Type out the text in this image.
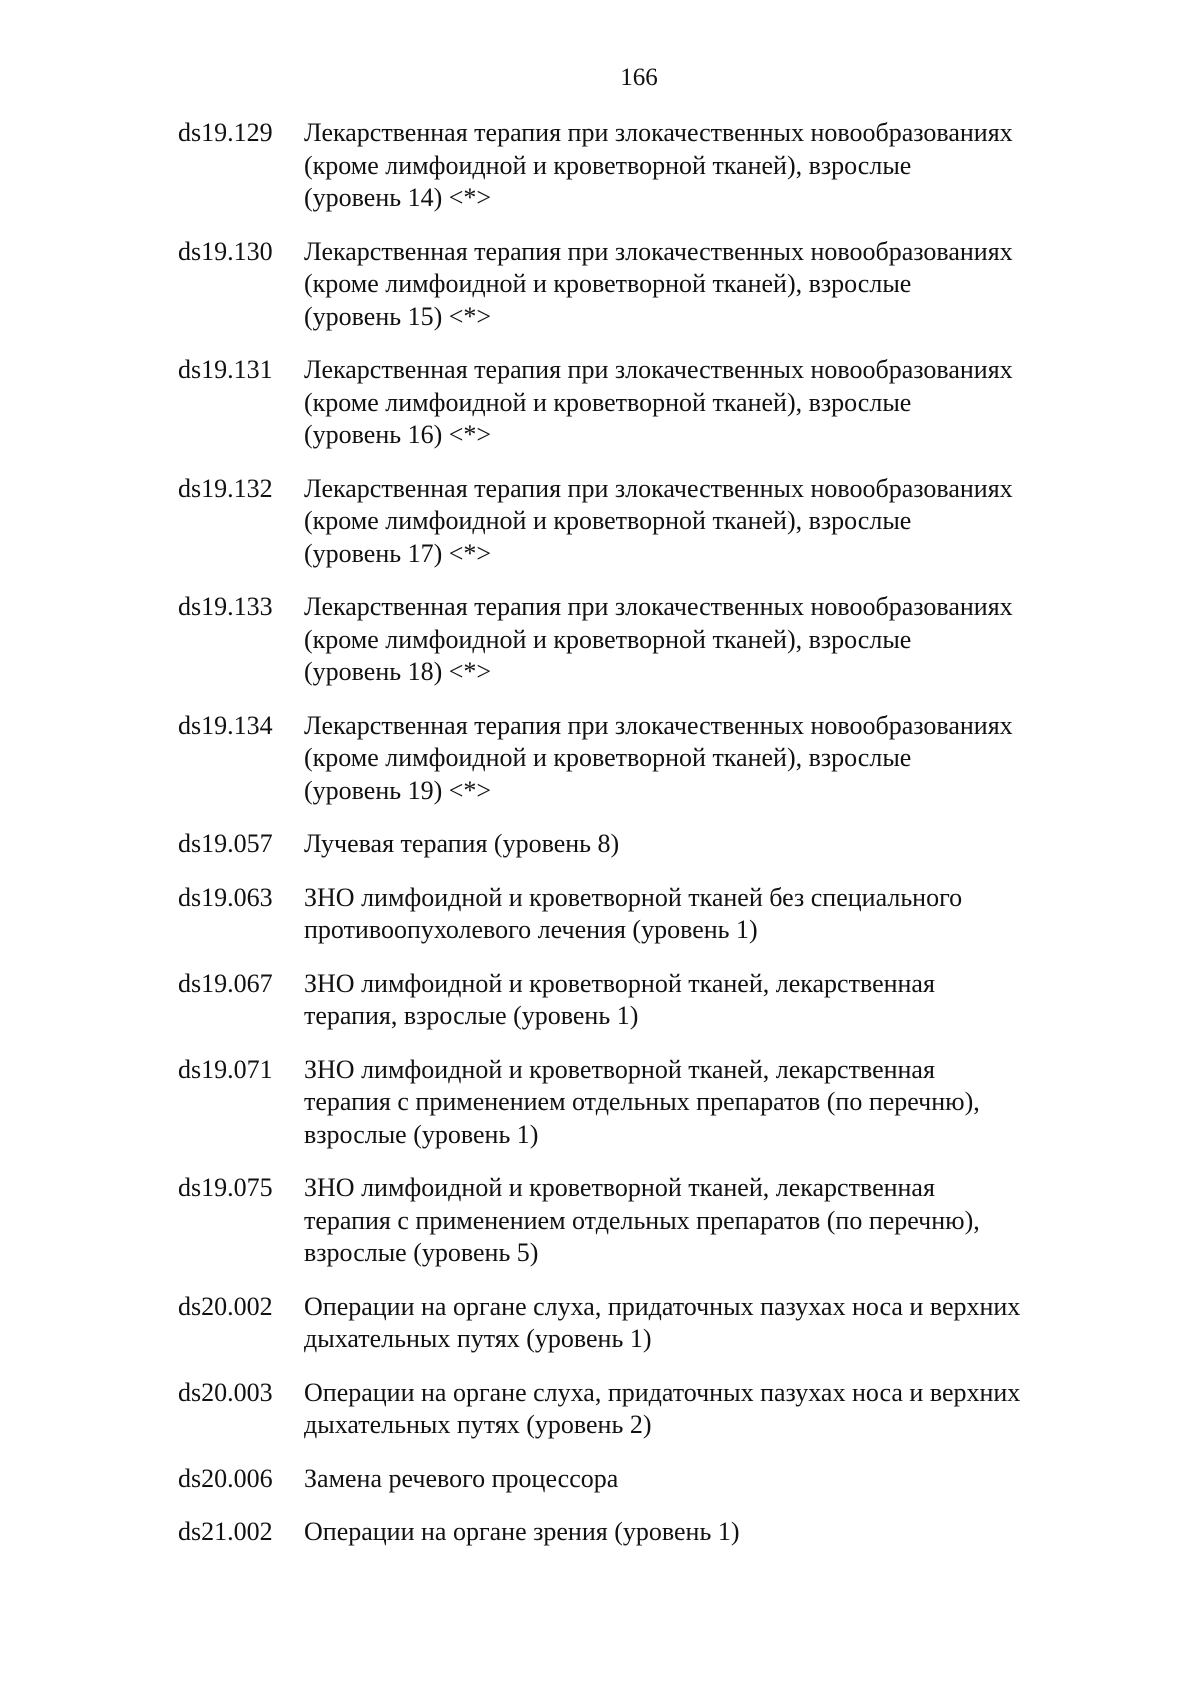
166
ds19.129	Лекарственная терапия при злокачественных новообразованиях
(кроме лимфоидной и кроветворной тканей), взрослые
(уровень 14) <*>
ds19.130	Лекарственная терапия при злокачественных новообразованиях
(кроме лимфоидной и кроветворной тканей), взрослые
(уровень 15) <*>
ds19.131	Лекарственная терапия при злокачественных новообразованиях
(кроме лимфоидной и кроветворной тканей), взрослые
(уровень 16) <*>
ds19.132	Лекарственная терапия при злокачественных новообразованиях
(кроме лимфоидной и кроветворной тканей), взрослые
(уровень 17) <*>
ds19.133	Лекарственная терапия при злокачественных новообразованиях
(кроме лимфоидной и кроветворной тканей), взрослые
(уровень 18) <*>
ds19.134	Лекарственная терапия при злокачественных новообразованиях
(кроме лимфоидной и кроветворной тканей), взрослые
(уровень 19) <*>
ds19.057	Лучевая терапия (уровень 8)
ds19.063	ЗНО лимфоидной и кроветворной тканей без специального
противоопухолевого лечения (уровень 1)
ds19.067	ЗНО лимфоидной и кроветворной тканей, лекарственная
терапия, взрослые (уровень 1)
ds19.071	ЗНО лимфоидной и кроветворной тканей, лекарственная
терапия с применением отдельных препаратов (по перечню),
взрослые (уровень 1)
ds19.075	ЗНО лимфоидной и кроветворной тканей, лекарственная
терапия с применением отдельных препаратов (по перечню),
взрослые (уровень 5)
ds20.002	Операции на органе слуха, придаточных пазухах носа и верхних
дыхательных путях (уровень 1)
ds20.003	Операции на органе слуха, придаточных пазухах носа и верхних
дыхательных путях (уровень 2)
ds20.006	Замена речевого процессора
ds21.002	Операции на органе зрения (уровень 1)
